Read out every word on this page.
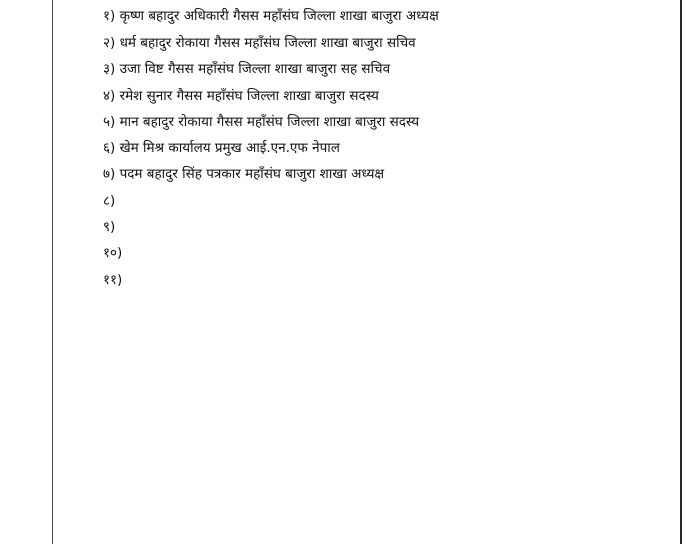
१) कृष्ण बहादुर अधिकारी गैसस महाँसंघ जिल्ला शाखा बाजुरा अध्यक्ष
२) धर्म बहादुर रोकाया गैसस महाँसंघ जिल्ला शाखा बाजुरा सचिव
३) उजा विष्ट गैसस महाँसंघ जिल्ला शाखा बाजुरा सह सचिव
४) रमेश सुनार गैसस महाँसंघ जिल्ला शाखा बाजुरा सदस्य
५) मान बहादुर रोकाया गैसस महाँसंघ जिल्ला शाखा बाजुरा सदस्य
६) खेम मिश्र कार्यालय प्रमुख आई.एन.एफ नेपाल
७) पदम बहादुर सिंह पत्रकार महाँसंघ बाजुरा शाखा अध्यक्ष
८)
९)
१०)
११)
